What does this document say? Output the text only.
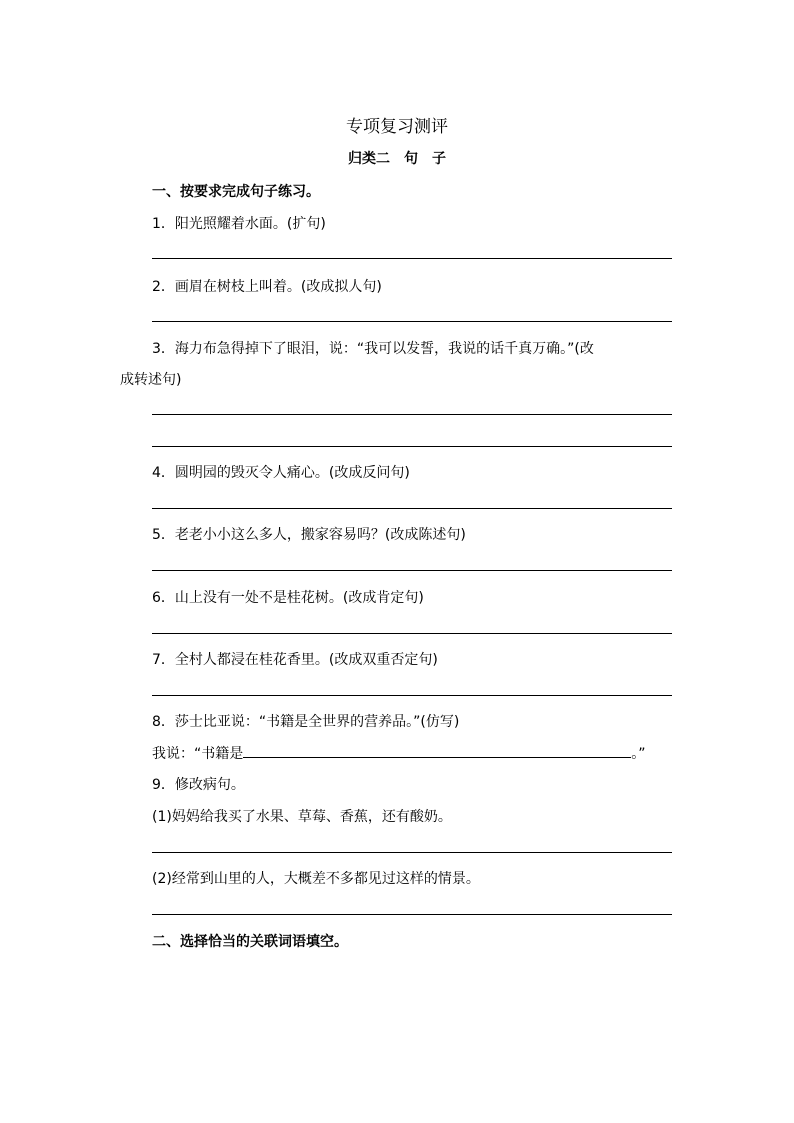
专项复习测评
归类二　句　子
一、按要求完成句子练习。
1．阳光照耀着水面。(扩句)
2．画眉在树枝上叫着。(改成拟人句)
3．海力布急得掉下了眼泪，说：“我可以发誓，我说的话千真万确。”(改
成转述句)
4．圆明园的毁灭令人痛心。(改成反问句)
5．老老小小这么多人，搬家容易吗？(改成陈述句)
6．山上没有一处不是桂花树。(改成肯定句)
7．全村人都浸在桂花香里。(改成双重否定句)
8．莎士比亚说：“书籍是全世界的营养品。”(仿写)
我说：“书籍是	。”
9．修改病句。
(1)妈妈给我买了水果、草莓、香蕉，还有酸奶。
(2)经常到山里的人，大概差不多都见过这样的情景。
二、选择恰当的关联词语填空。
